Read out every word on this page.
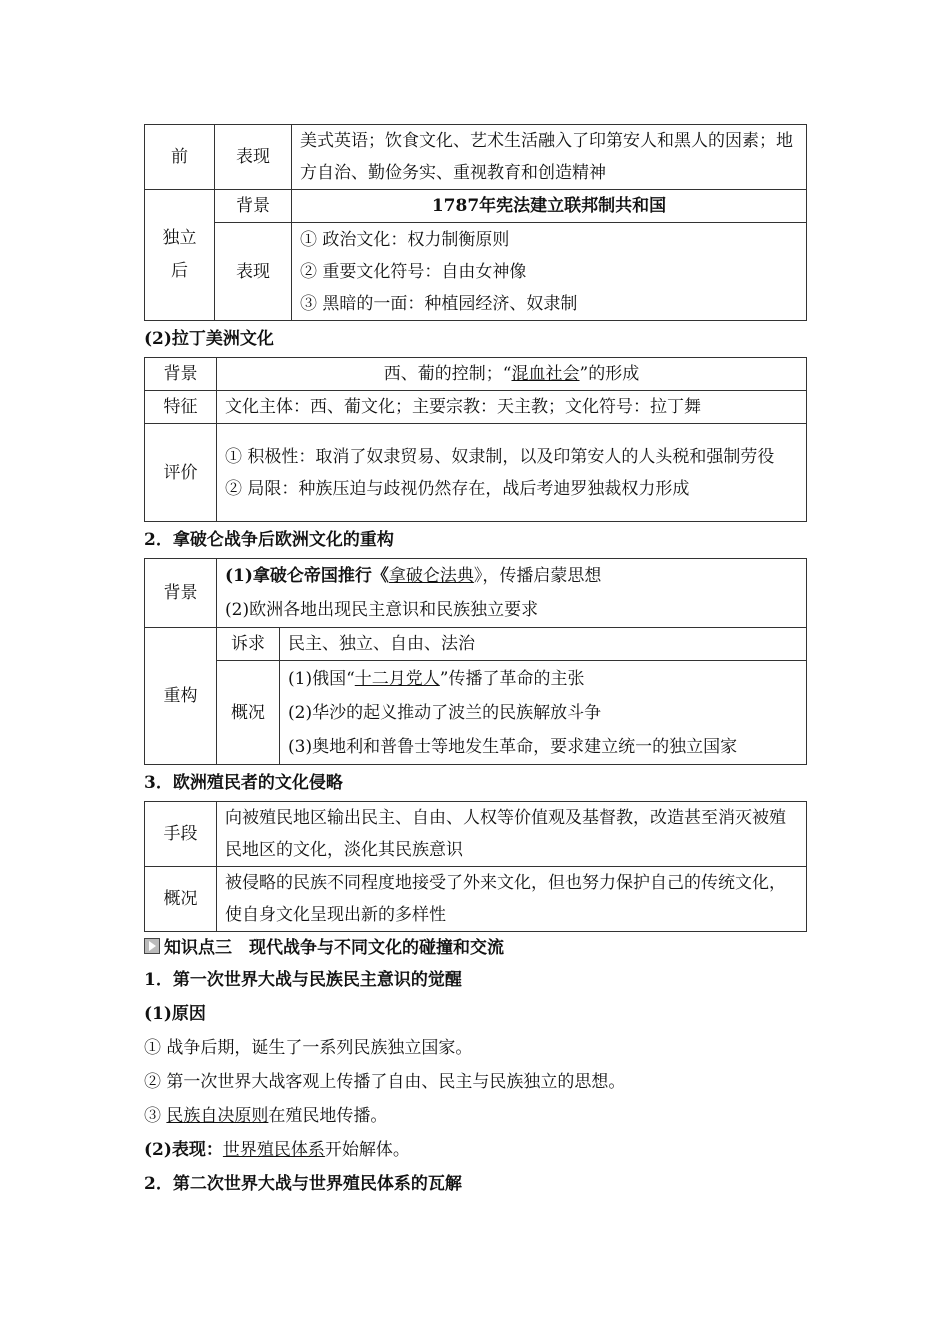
前	表现	美式英语；饮食文化、艺术生活融入了印第安人和黑人的因素；地方自治、勤俭务实、重视教育和创造精神

独立后	背景	1787年宪法建立联邦制共和国
	表现	① 政治文化：权力制衡原则
② 重要文化符号：自由女神像
③ 黑暗的一面：种植园经济、奴隶制
(2)拉丁美洲文化
背景	西、葡的控制；“混血社会”的形成
特征	文化主体：西、葡文化；主要宗教：天主教；文化符号：拉丁舞
评价	① 积极性：取消了奴隶贸易、奴隶制，以及印第安人的人头税和强制劳役
② 局限：种族压迫与歧视仍然存在，战后考迪罗独裁权力形成
2．拿破仑战争后欧洲文化的重构
背景	(1)拿破仑帝国推行《拿破仑法典》，传播启蒙思想
(2)欧洲各地出现民主意识和民族独立要求	

重构	诉求	民主、独立、自由、法治
	概况	(1)俄国“十二月党人”传播了革命的主张
(2)华沙的起义推动了波兰的民族解放斗争
(3)奥地利和普鲁士等地发生革命，要求建立统一的独立国家
3．欧洲殖民者的文化侵略
手段	向被殖民地区输出民主、自由、人权等价值观及基督教，改造甚至消灭被殖民地区的文化，淡化其民族意识
概况	被侵略的民族不同程度地接受了外来文化，但也努力保护自己的传统文化，使自身文化呈现出新的多样性
知识点三　现代战争与不同文化的碰撞和交流
1．第一次世界大战与民族民主意识的觉醒
(1)原因
① 战争后期，诞生了一系列民族独立国家。
② 第一次世界大战客观上传播了自由、民主与民族独立的思想。
③ 民族自决原则在殖民地传播。
(2)表现：世界殖民体系开始解体。
2．第二次世界大战与世界殖民体系的瓦解
